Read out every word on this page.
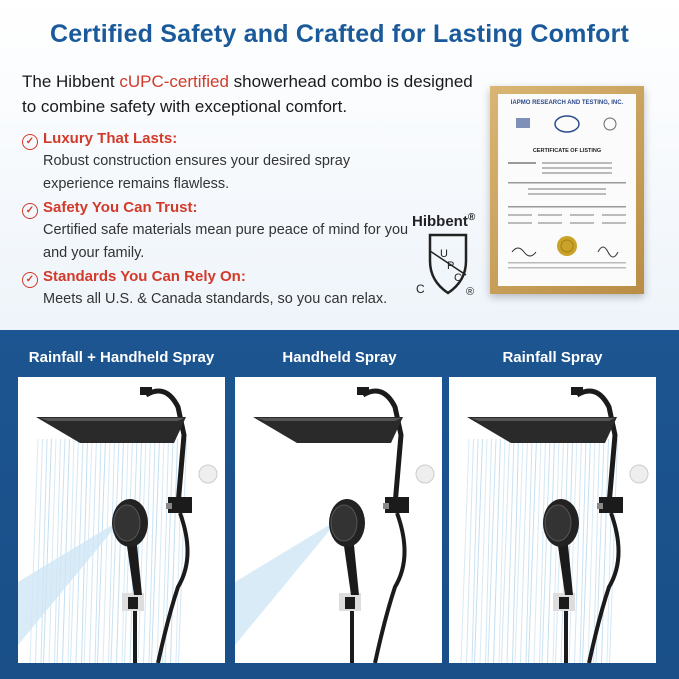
Certified Safety and Crafted for Lasting Comfort
The Hibbent cUPC-certified showerhead combo is designed to combine safety with exceptional comfort.
✓ Luxury That Lasts:
Robust construction ensures your desired spray experience remains flawless.
✓ Safety You Can Trust:
Certified safe materials mean pure peace of mind for you and your family.
✓ Standards You Can Rely On:
Meets all U.S. & Canada standards, so you can relax.
Hibbent®
U
P
C
C	®
IAPMO RESEARCH AND TESTING, INC.
CERTIFICATE OF LISTING
Rainfall + Handheld Spray	Handheld Spray	Rainfall Spray
